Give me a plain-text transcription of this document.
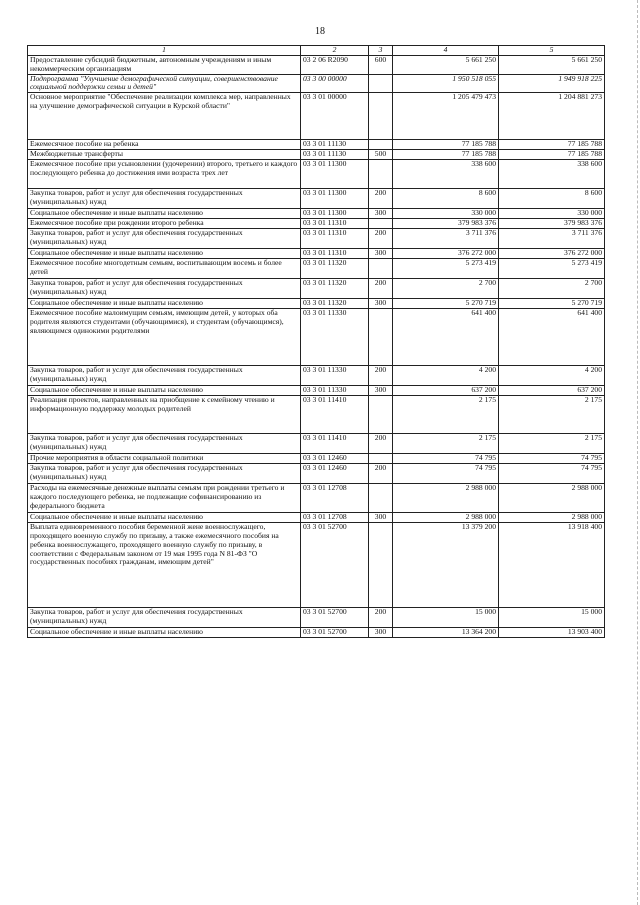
18
1	2	3	4	5
Предоставление субсидий бюджетным, автономным учреждениям и иным некоммерческим организациям	03 2 06 R2090	600	5 661 250	5 661 250
Подпрограмма "Улучшение демографической ситуации, совершенствование социальной поддержки семьи и детей"	03 3 00 00000		1 950 518 055	1 949 918 225
Основное мероприятие "Обеспечение реализации комплекса мер, направленных на улучшение демографической ситуации в Курской области"	03 3 01 00000		1 205 479 473	1 204 881 273
Ежемесячное пособие на ребенка	03 3 01 11130		77 185 788	77 185 788
Межбюджетные трансферты	03 3 01 11130	500	77 185 788	77 185 788
Ежемесячное пособие при усыновлении (удочерении) второго, третьего и каждого последующего ребенка до достижения ими возраста трех лет	03 3 01 11300		338 600	338 600
Закупка товаров, работ и услуг для обеспечения государственных (муниципальных) нужд	03 3 01 11300	200	8 600	8 600
Социальное обеспечение и иные выплаты населению	03 3 01 11300	300	330 000	330 000
Ежемесячное пособие при рождении второго ребенка	03 3 01 11310		379 983 376	379 983 376
Закупка товаров, работ и услуг для обеспечения государственных (муниципальных) нужд	03 3 01 11310	200	3 711 376	3 711 376
Социальное обеспечение и иные выплаты населению	03 3 01 11310	300	376 272 000	376 272 000
Ежемесячное пособие многодетным семьям, воспитывающим восемь и более детей	03 3 01 11320		5 273 419	5 273 419
Закупка товаров, работ и услуг для обеспечения государственных (муниципальных) нужд	03 3 01 11320	200	2 700	2 700
Социальное обеспечение и иные выплаты населению	03 3 01 11320	300	5 270 719	5 270 719
Ежемесячное пособие малоимущим семьям, имеющим детей, у которых оба родителя являются студентами (обучающимися), и студентам (обучающимся), являющимся одинокими родителями	03 3 01 11330		641 400	641 400
Закупка товаров, работ и услуг для обеспечения государственных (муниципальных) нужд	03 3 01 11330	200	4 200	4 200
Социальное обеспечение и иные выплаты населению	03 3 01 11330	300	637 200	637 200
Реализация проектов, направленных на приобщение к семейному чтению и информационную поддержку молодых родителей	03 3 01 11410		2 175	2 175
Закупка товаров, работ и услуг для обеспечения государственных (муниципальных) нужд	03 3 01 11410	200	2 175	2 175
Прочие мероприятия в области социальной политики	03 3 01 12460		74 795	74 795
Закупка товаров, работ и услуг для обеспечения государственных (муниципальных) нужд	03 3 01 12460	200	74 795	74 795
Расходы на ежемесячные денежные выплаты семьям при рождении третьего и каждого последующего ребенка, не подлежащие софинансированию из федерального бюджета	03 3 01 12708		2 988 000	2 988 000
Социальное обеспечение и иные выплаты населению	03 3 01 12708	300	2 988 000	2 988 000
Выплата единовременного пособия беременной жене военнослужащего, проходящего военную службу по призыву, а также ежемесячного пособия на ребенка военнослужащего, проходящего военную службу по призыву, в соответствии с Федеральным законом от 19 мая 1995 года N 81-ФЗ "О государственных пособиях гражданам, имеющим детей"	03 3 01 52700		13 379 200	13 918 400
Закупка товаров, работ и услуг для обеспечения государственных (муниципальных) нужд	03 3 01 52700	200	15 000	15 000
Социальное обеспечение и иные выплаты населению	03 3 01 52700	300	13 364 200	13 903 400
